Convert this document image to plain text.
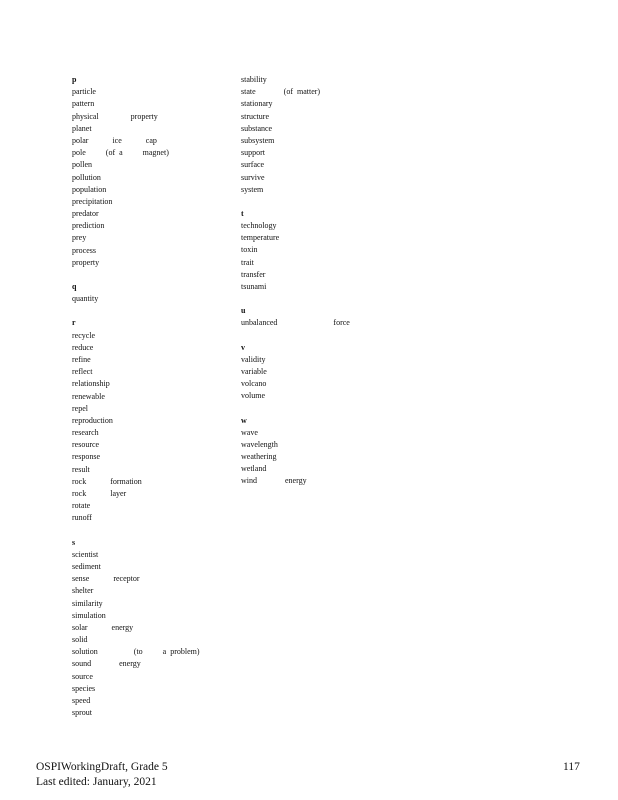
p
particle
pattern
physical        property
planet
polar      ice      cap
pole     (of a     magnet)
pollen
pollution
population
precipitation
predator
prediction
prey
process
property
q
quantity
r
recycle
reduce
refine
reflect
relationship
renewable
repel
reproduction
research
resource
response
result
rock      formation
rock      layer
rotate
runoff
s
scientist
sediment
sense      receptor
shelter
similarity
simulation
solar      energy
solid
solution         (to     a problem)
sound       energy
source
species
speed
sprout
stability
state       (of matter)
stationary
structure
substance
subsystem
support
surface
survive
system
t
technology
temperature
toxin
trait
transfer
tsunami
u
unbalanced              force
v
validity
variable
volcano
volume
w
wave
wavelength
weathering
wetland
wind       energy
OSPIWorkingDraft, Grade 5
Last edited: January, 2021
117
